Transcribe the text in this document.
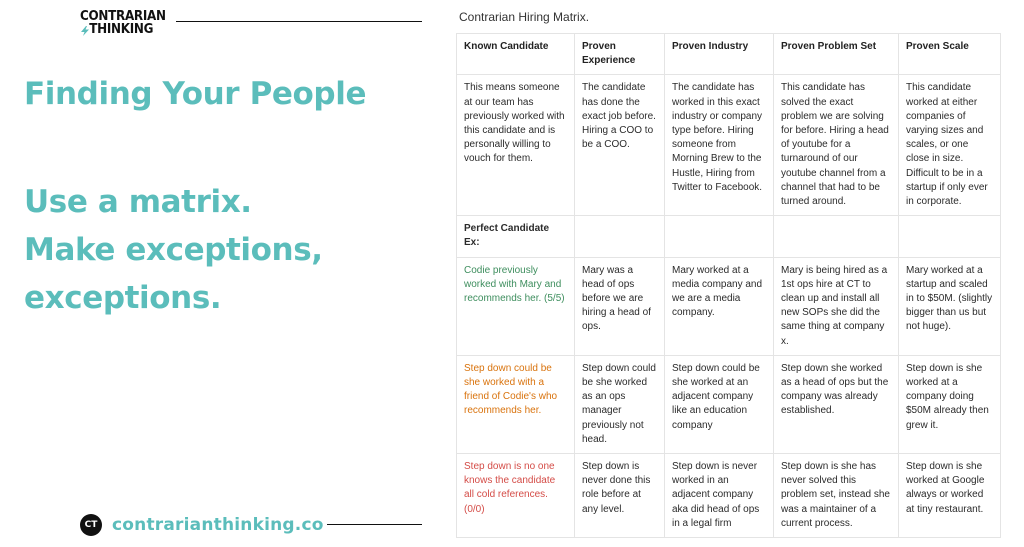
CONTRARIAN
THINKING
Finding Your People
Use a matrix.
Make exceptions,
exceptions.
CT contrarianthinking.co
Contrarian Hiring Matrix.
Known Candidate	Proven Experience	Proven Industry	Proven Problem Set	Proven Scale
This means someone at our team has previously worked with this candidate and is personally willing to vouch for them.	The candidate has done the exact job before. Hiring a COO to be a COO.	The candidate has worked in this exact industry or company type before. Hiring someone from Morning Brew to the Hustle, Hiring from Twitter to Facebook.	This candidate has solved the exact problem we are solving for before. Hiring a head of youtube for a turnaround of our youtube channel from a channel that had to be turned around.	This candidate worked at either companies of varying sizes and scales, or one close in size. Difficult to be in a startup if only ever in corporate.
Perfect Candidate Ex:				
Codie previously worked with Mary and recommends her. (5/5)	Mary was a head of ops before we are hiring a head of ops.	Mary worked at a media company and we are a media company.	Mary is being hired as a 1st ops hire at CT to clean up and install all new SOPs she did the same thing at company x.	Mary worked at a startup and scaled in to $50M. (slightly bigger than us but not huge).
Step down could be she worked with a friend of Codie's who recommends her.	Step down could be she worked as an ops manager previously not head.	Step down could be she worked at an adjacent company like an education company	Step down she worked as a head of ops but the company was already established.	Step down is she worked at a company doing $50M already then grew it.
Step down is no one knows the candidate all cold references. (0/0)	Step down is never done this role before at any level.	Step down is never worked in an adjacent company aka did head of ops in a legal firm	Step down is she has never solved this problem set, instead she was a maintainer of a current process.	Step down is she worked at Google always or worked at tiny restaurant.
